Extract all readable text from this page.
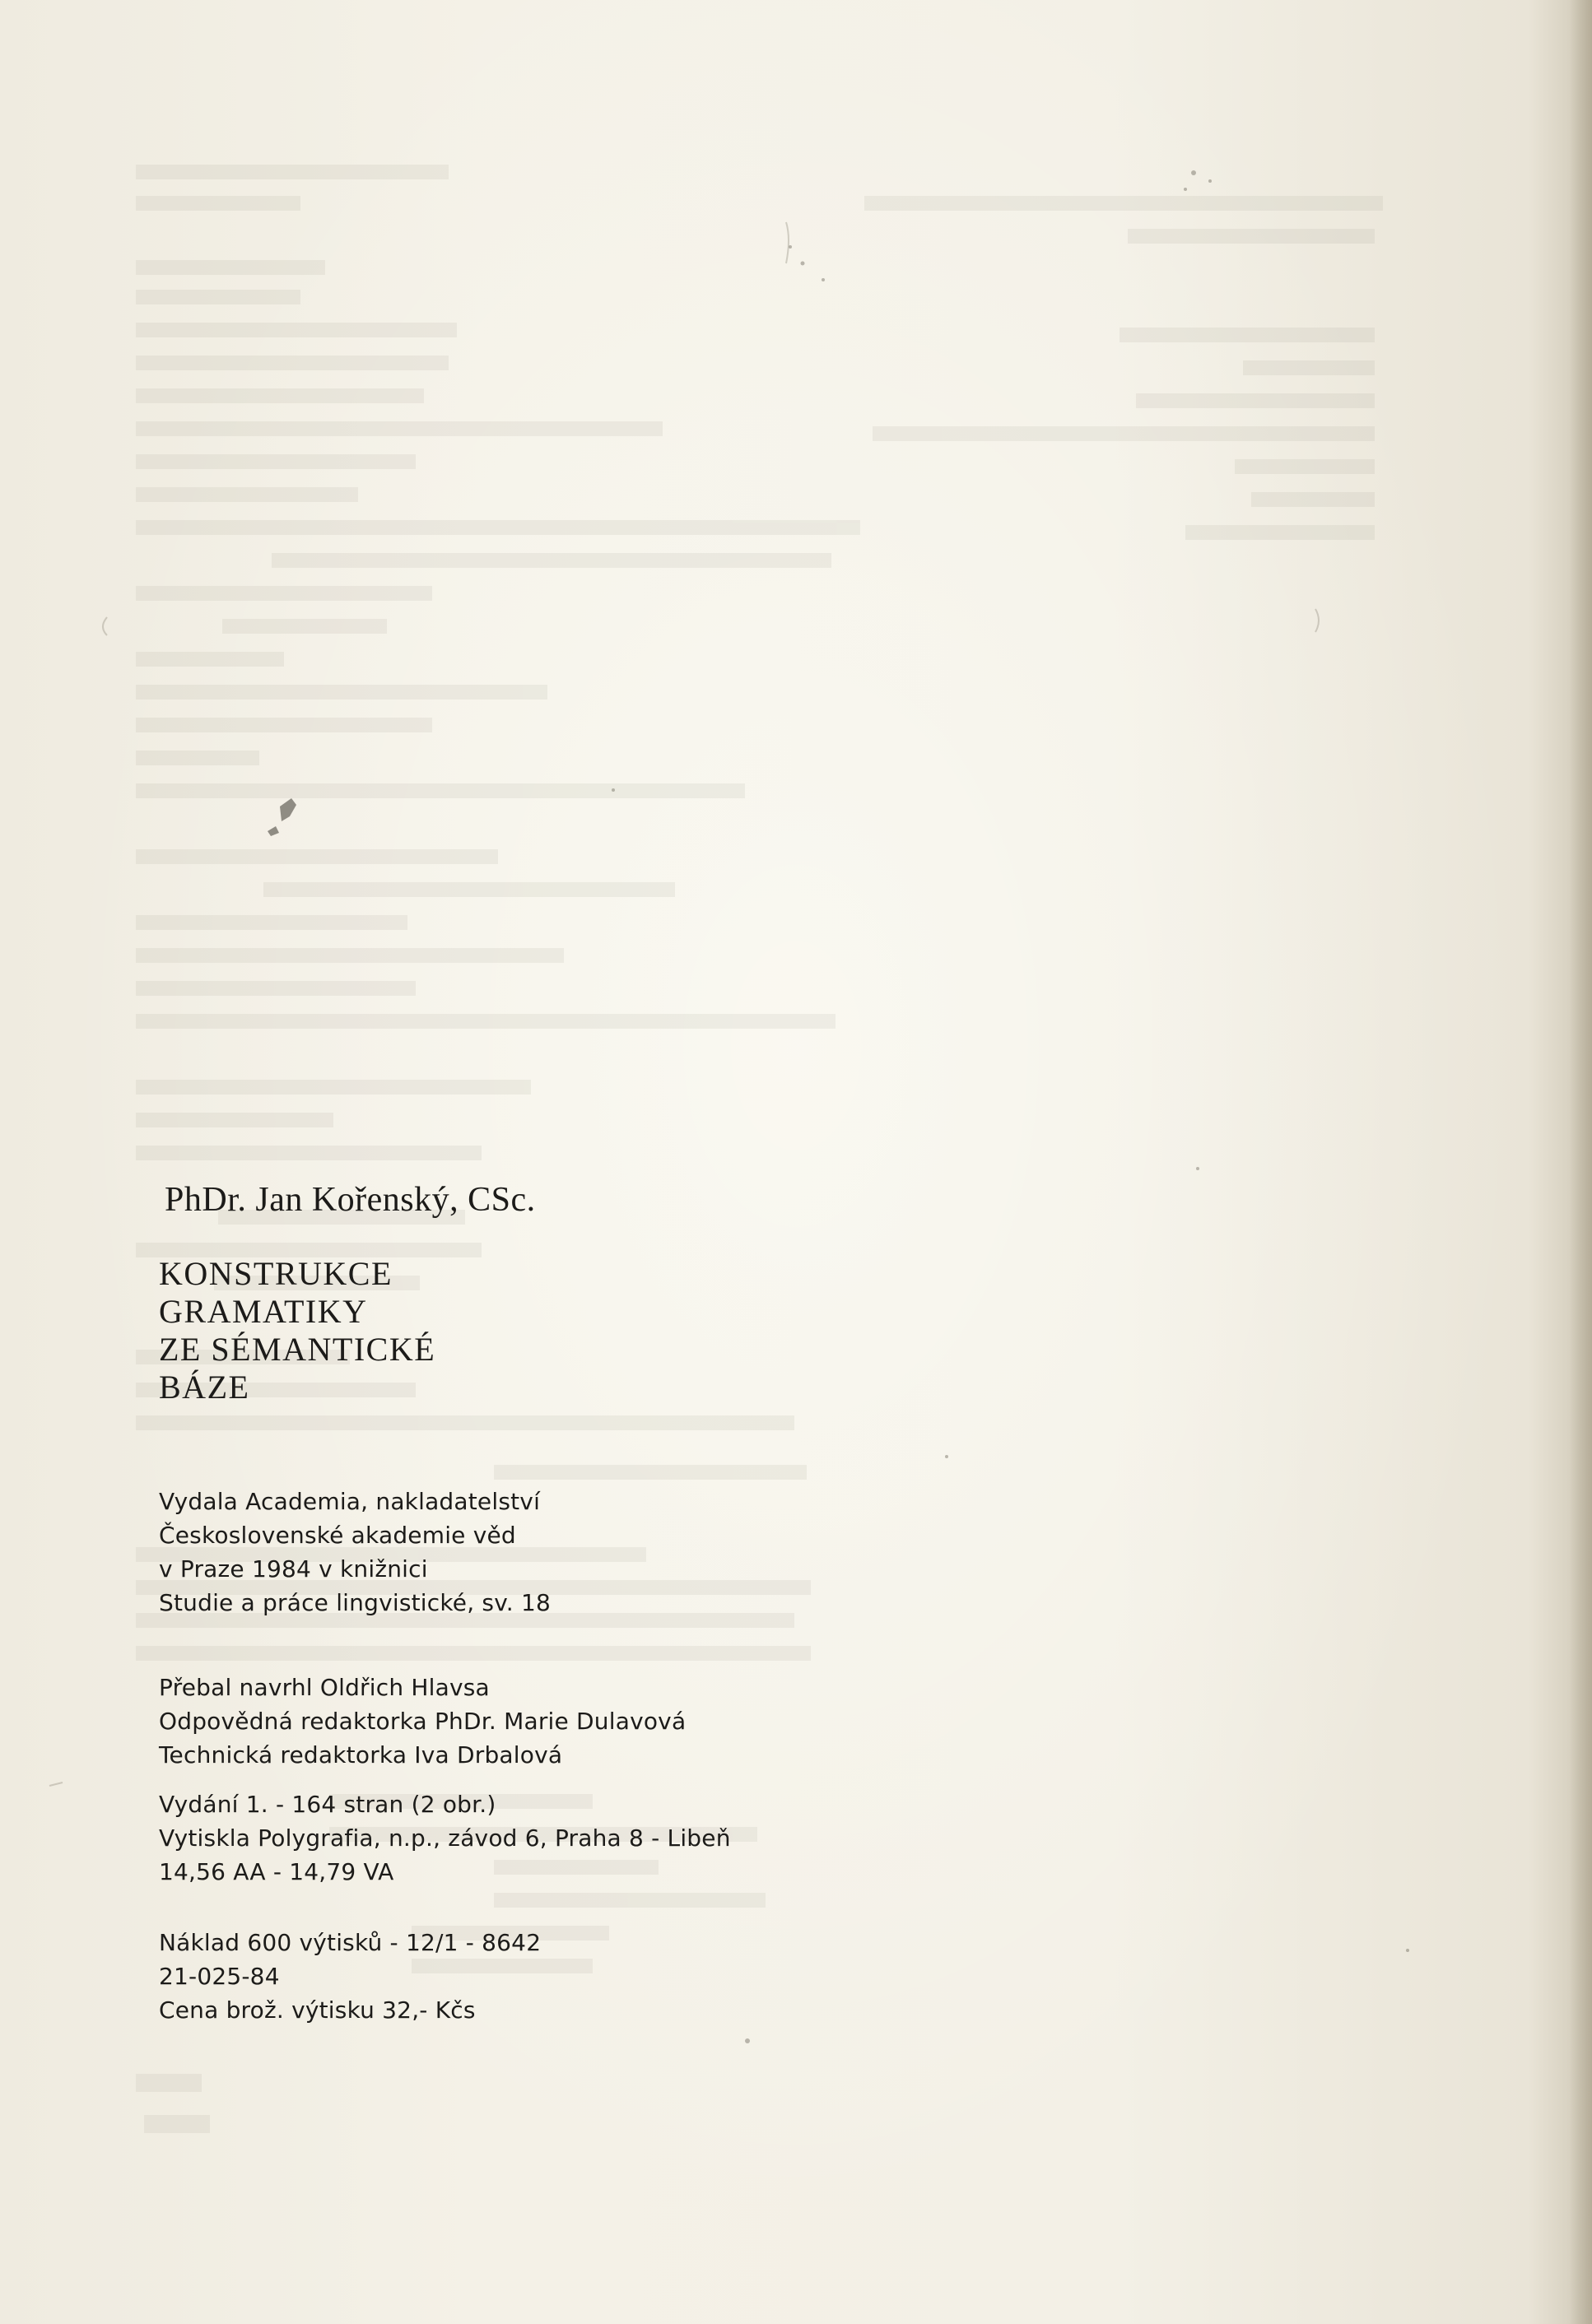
PhDr. Jan Kořenský, CSc.
KONSTRUKCE
GRAMATIKY
ZE SÉMANTICKÉ
BÁZE
Vydala Academia, nakladatelství
Československé akademie věd
v Praze 1984 v knižnici
Studie a práce lingvistické, sv. 18
Přebal navrhl Oldřich Hlavsa
Odpovědná redaktorka PhDr. Marie Dulavová
Technická redaktorka Iva Drbalová
Vydání 1. - 164 stran (2 obr.)
Vytiskla Polygrafia, n.p., závod 6, Praha 8 - Libeň
14,56 AA - 14,79 VA
Náklad 600 výtisků - 12/1 - 8642
21-025-84
Cena brož. výtisku 32,- Kčs
